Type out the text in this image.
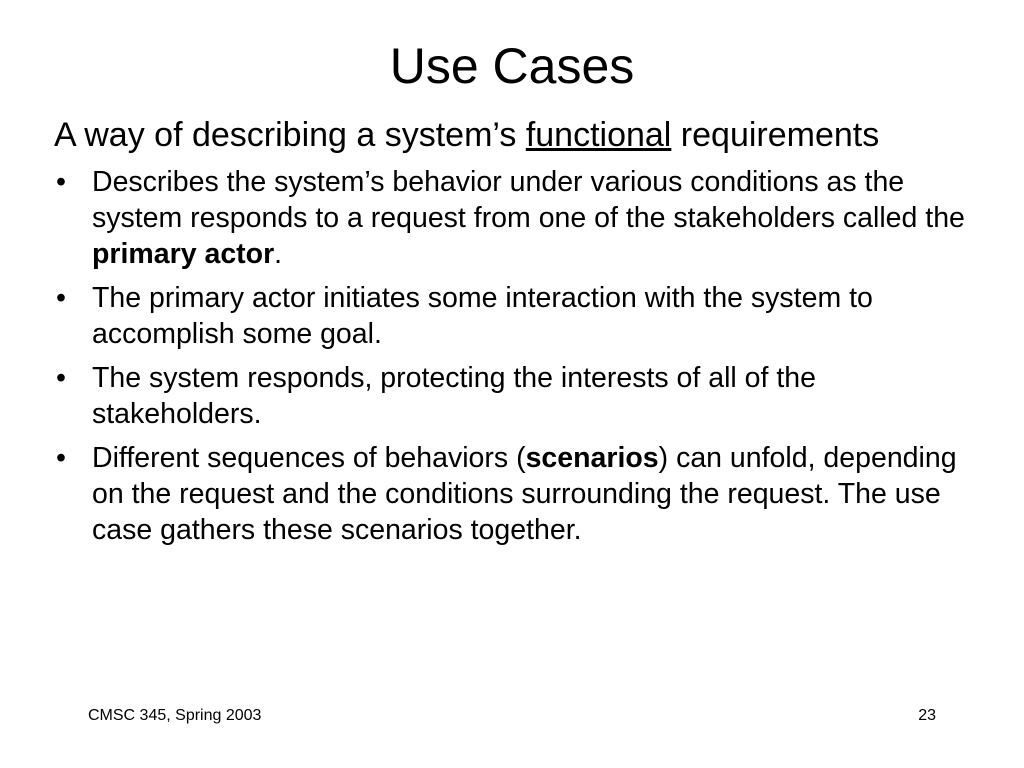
Use Cases

A way of describing a system’s functional requirements

• Describes the system’s behavior under various conditions as the system responds to a request from one of the stakeholders called the primary actor.
• The primary actor initiates some interaction with the system to accomplish some goal.
• The system responds, protecting the interests of all of the stakeholders.
• Different sequences of behaviors (scenarios) can unfold, depending on the request and the conditions surrounding the request. The use case gathers these scenarios together.
CMSC 345, Spring 2003	23
